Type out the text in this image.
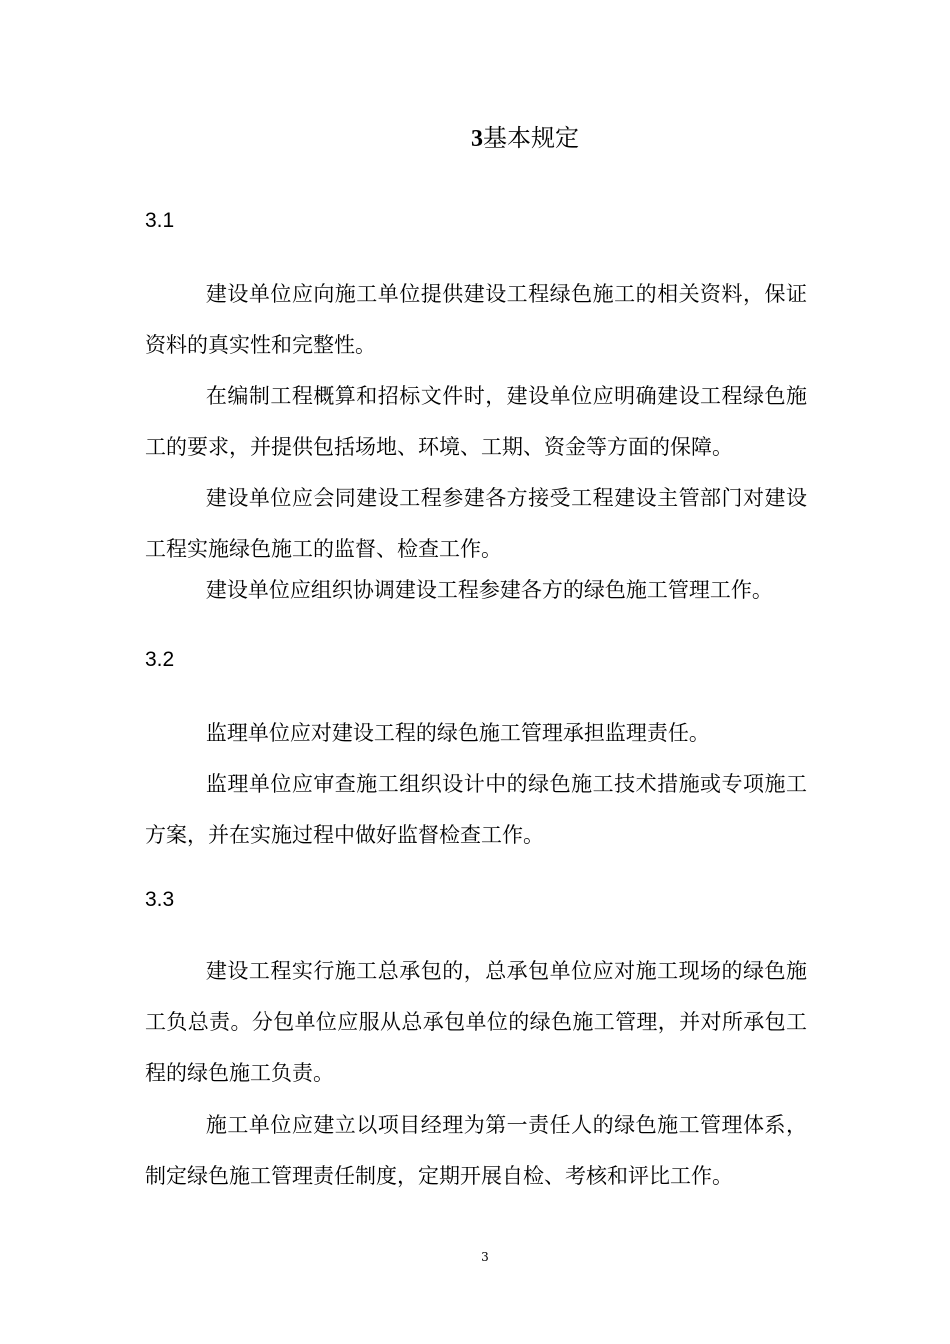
3基本规定
3.1

建设单位应向施工单位提供建设工程绿色施工的相关资料，保证资料的真实性和完整性。

在编制工程概算和招标文件时，建设单位应明确建设工程绿色施工的要求，并提供包括场地、环境、工期、资金等方面的保障。

建设单位应会同建设工程参建各方接受工程建设主管部门对建设工程实施绿色施工的监督、检查工作。

建设单位应组织协调建设工程参建各方的绿色施工管理工作。

3.2

监理单位应对建设工程的绿色施工管理承担监理责任。

监理单位应审查施工组织设计中的绿色施工技术措施或专项施工方案，并在实施过程中做好监督检查工作。

3.3

建设工程实行施工总承包的，总承包单位应对施工现场的绿色施工负总责。分包单位应服从总承包单位的绿色施工管理，并对所承包工程的绿色施工负责。

施工单位应建立以项目经理为第一责任人的绿色施工管理体系，制定绿色施工管理责任制度，定期开展自检、考核和评比工作。

3
